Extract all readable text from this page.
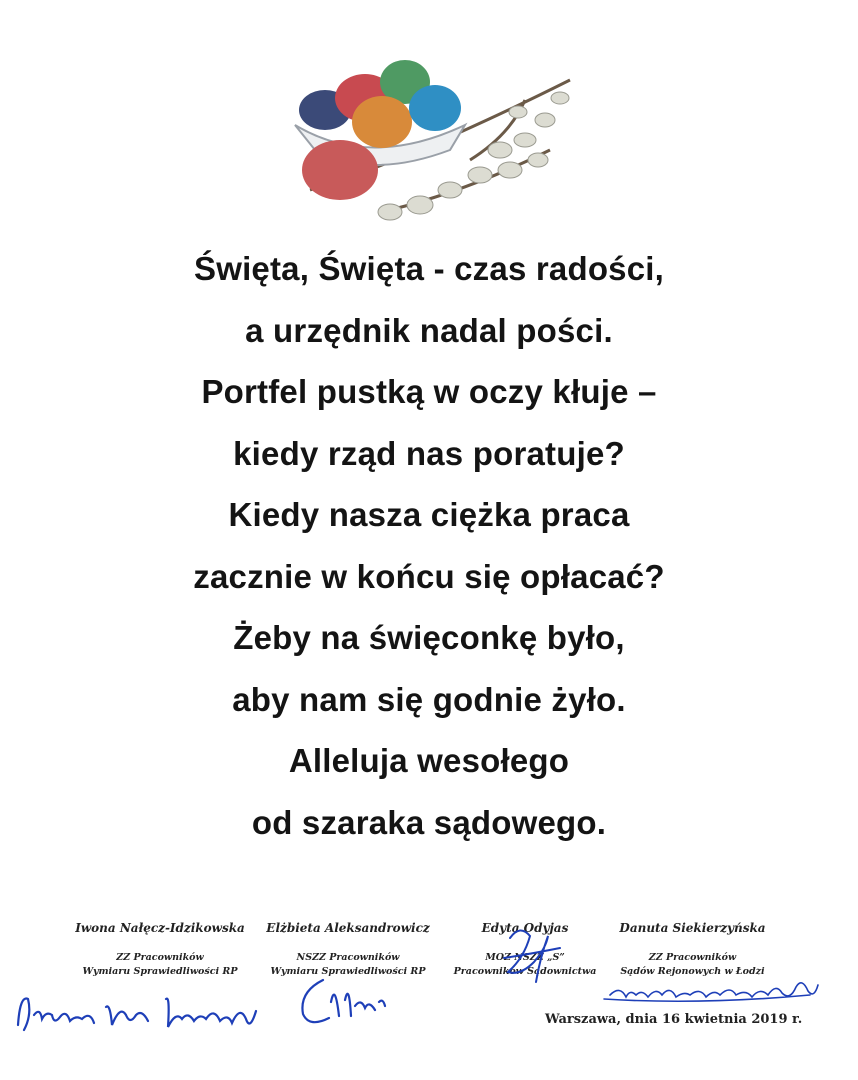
Święta, Święta - czas radości,
a urzędnik nadal pości.
Portfel pustką w oczy kłuje –
kiedy rząd nas poratuje?
Kiedy nasza ciężka praca
zacznie w końcu się opłacać?
Żeby na święconkę było,
aby nam się godnie żyło.
Alleluja wesołego
od szaraka sądowego.
Iwona Nałęcz-Idzikowska
ZZ Pracowników
Wymiaru Sprawiedliwości RP
Elżbieta Aleksandrowicz
NSZZ Pracowników
Wymiaru Sprawiedliwości RP
Edyta Odyjas
MOZ NSZZ „S”
Pracowników Sądownictwa
Danuta Siekierzyńska
ZZ Pracowników
Sądów Rejonowych w Łodzi
Warszawa, dnia 16 kwietnia 2019 r.
